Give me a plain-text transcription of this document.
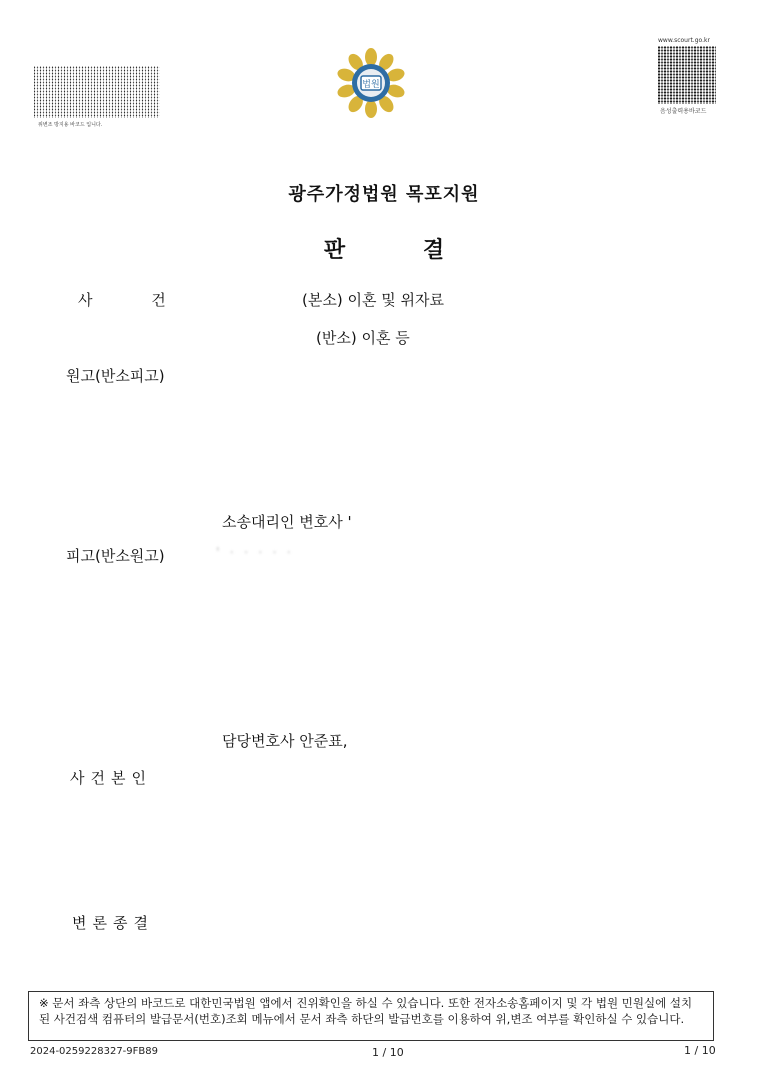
위변조 방지용 바코드 입니다.
법원
www.scourt.go.kr
음성출력용바코드
광주가정법원 목포지원
판 결
사 건	(본소) 이혼 및 위자료
(반소) 이혼 등
원고(반소피고)
소송대리인 변호사 '
피고(반소원고)	' · · · · ·
담당변호사 안준표,
사건본인
변론종결
※ 문서 좌측 상단의 바코드로 대한민국법원 앱에서 진위확인을 하실 수 있습니다. 또한 전자소송홈페이지 및 각 법원 민원실에 설치된 사건검색 컴퓨터의 발급문서(번호)조회 메뉴에서 문서 좌측 하단의 발급번호를 이용하여 위,변조 여부를 확인하실 수 있습니다.
2024-0259228327-9FB89	1 / 10	1 / 10
